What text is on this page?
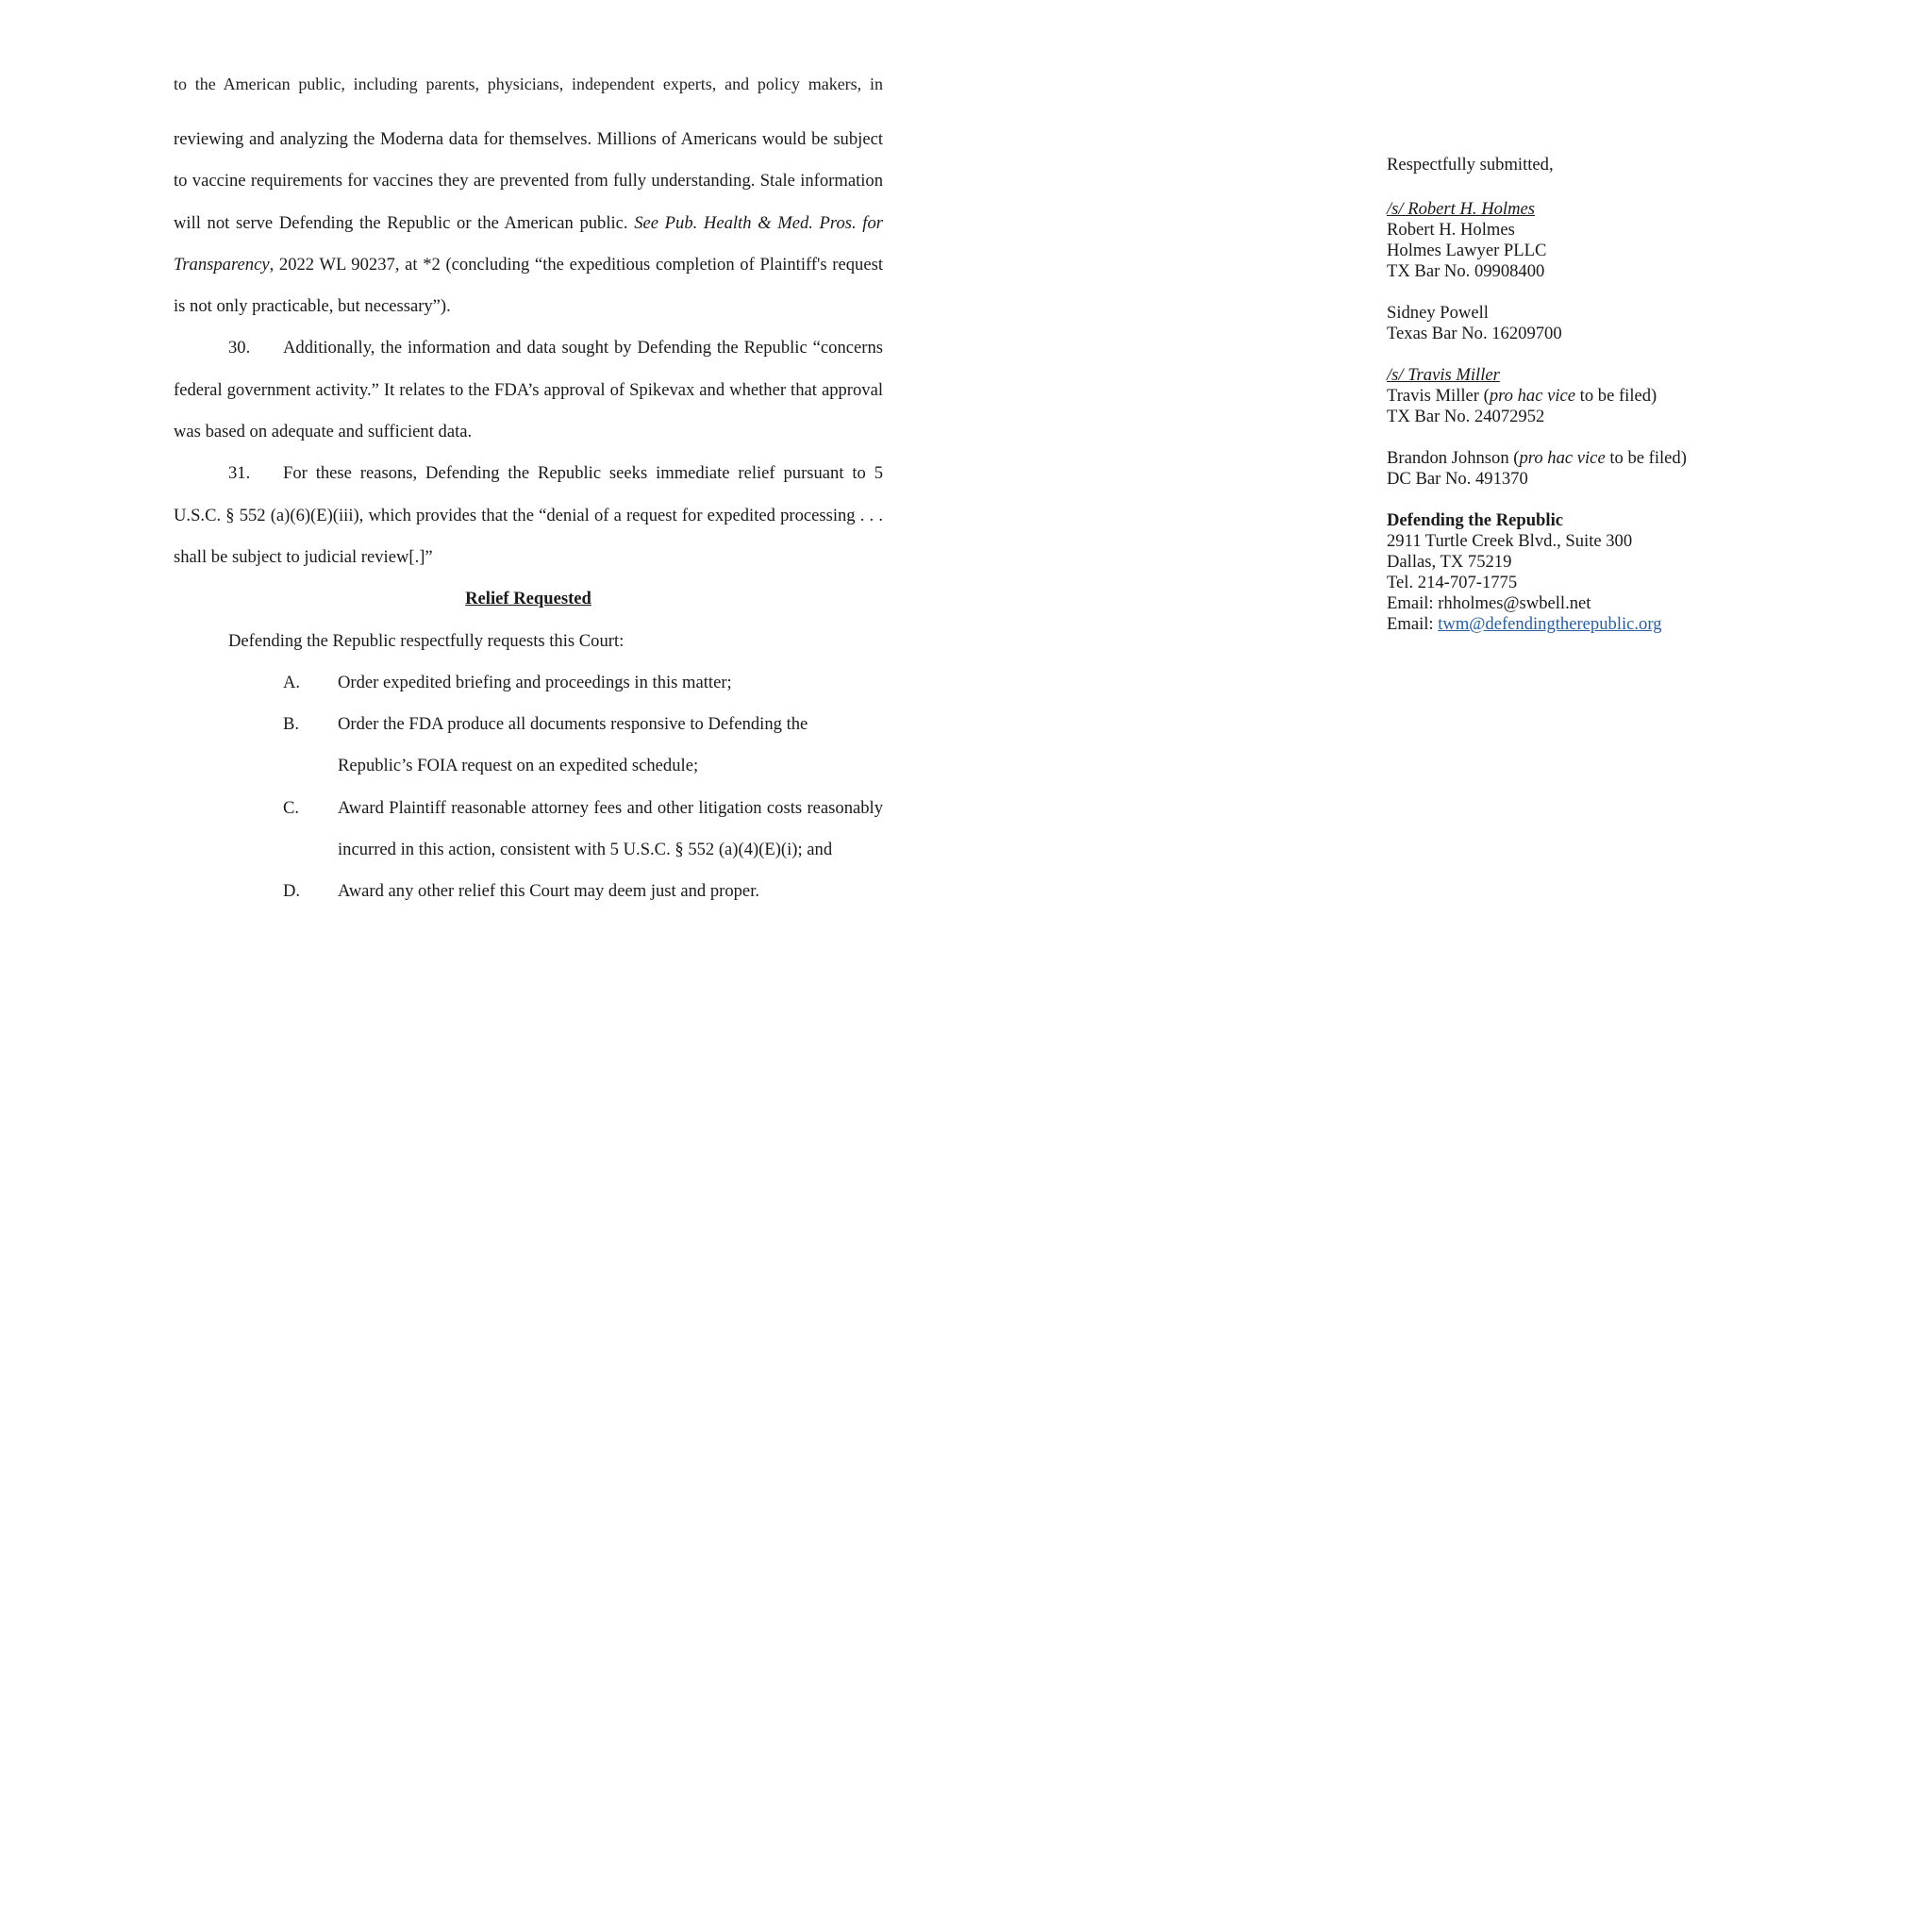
to the American public, including parents, physicians, independent experts, and policy makers, in

reviewing and analyzing the Moderna data for themselves. Millions of Americans would be subject to vaccine requirements for vaccines they are prevented from fully understanding. Stale information will not serve Defending the Republic or the American public. See Pub. Health & Med. Pros. for Transparency, 2022 WL 90237, at *2 (concluding “the expeditious completion of Plaintiff's request is not only practicable, but necessary”).

30. Additionally, the information and data sought by Defending the Republic “concerns federal government activity.” It relates to the FDA’s approval of Spikevax and whether that approval was based on adequate and sufficient data.

31. For these reasons, Defending the Republic seeks immediate relief pursuant to 5 U.S.C. § 552 (a)(6)(E)(iii), which provides that the “denial of a request for expedited processing . . . shall be subject to judicial review[.]”

Relief Requested

Defending the Republic respectfully requests this Court:

A.	Order expedited briefing and proceedings in this matter;
B.	Order the FDA produce all documents responsive to Defending the Republic’s FOIA request on an expedited schedule;
C.	Award Plaintiff reasonable attorney fees and other litigation costs reasonably incurred in this action, consistent with 5 U.S.C. § 552 (a)(4)(E)(i); and
D.	Award any other relief this Court may deem just and proper.

Respectfully submitted,

/s/ Robert H. Holmes

Robert H. Holmes

Holmes Lawyer PLLC

TX Bar No. 09908400

Sidney Powell

Texas Bar No. 16209700

/s/ Travis Miller

Travis Miller (pro hac vice to be filed)

TX Bar No. 24072952

Brandon Johnson (pro hac vice to be filed)

DC Bar No. 491370

Defending the Republic

2911 Turtle Creek Blvd., Suite 300

Dallas, TX 75219

Tel. 214-707-1775

Email: rhholmes@swbell.net

Email: twm@defendingtherepublic.org
